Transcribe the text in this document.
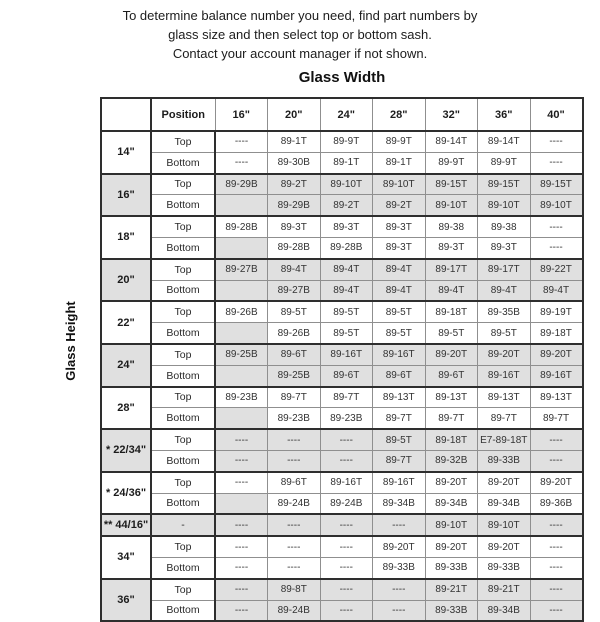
To determine balance number you need, find part numbers by
glass size and then select top or bottom sash.
Contact your account manager if not shown.
Glass Width
Glass Height
	Position	16"	20"	24"	28"	32"	36"	40"
14"	Top	----	89-1T	89-9T	89-9T	89-14T	89-14T	----
	Bottom	----	89-30B	89-1T	89-1T	89-9T	89-9T	----
16"	Top	89-29B	89-2T	89-10T	89-10T	89-15T	89-15T	89-15T
	Bottom		89-29B	89-2T	89-2T	89-10T	89-10T	89-10T
18"	Top	89-28B	89-3T	89-3T	89-3T	89-38	89-38	----
	Bottom		89-28B	89-28B	89-3T	89-3T	89-3T	----
20"	Top	89-27B	89-4T	89-4T	89-4T	89-17T	89-17T	89-22T
	Bottom		89-27B	89-4T	89-4T	89-4T	89-4T	89-4T
22"	Top	89-26B	89-5T	89-5T	89-5T	89-18T	89-35B	89-19T
	Bottom		89-26B	89-5T	89-5T	89-5T	89-5T	89-18T
24"	Top	89-25B	89-6T	89-16T	89-16T	89-20T	89-20T	89-20T
	Bottom		89-25B	89-6T	89-6T	89-6T	89-16T	89-16T
28"	Top	89-23B	89-7T	89-7T	89-13T	89-13T	89-13T	89-13T
	Bottom		89-23B	89-23B	89-7T	89-7T	89-7T	89-7T
* 22/34"	Top	----	----	----	89-5T	89-18T	E7-89-18T	----
	Bottom	----	----	----	89-7T	89-32B	89-33B	----
* 24/36"	Top	----	89-6T	89-16T	89-16T	89-20T	89-20T	89-20T
	Bottom		89-24B	89-24B	89-34B	89-34B	89-34B	89-36B
** 44/16"	-	----	----	----	----	89-10T	89-10T	----
34"	Top	----	----	----	89-20T	89-20T	89-20T	----
	Bottom	----	----	----	89-33B	89-33B	89-33B	----
36"	Top	----	89-8T	----	----	89-21T	89-21T	----
	Bottom	----	89-24B	----	----	89-33B	89-34B	----
